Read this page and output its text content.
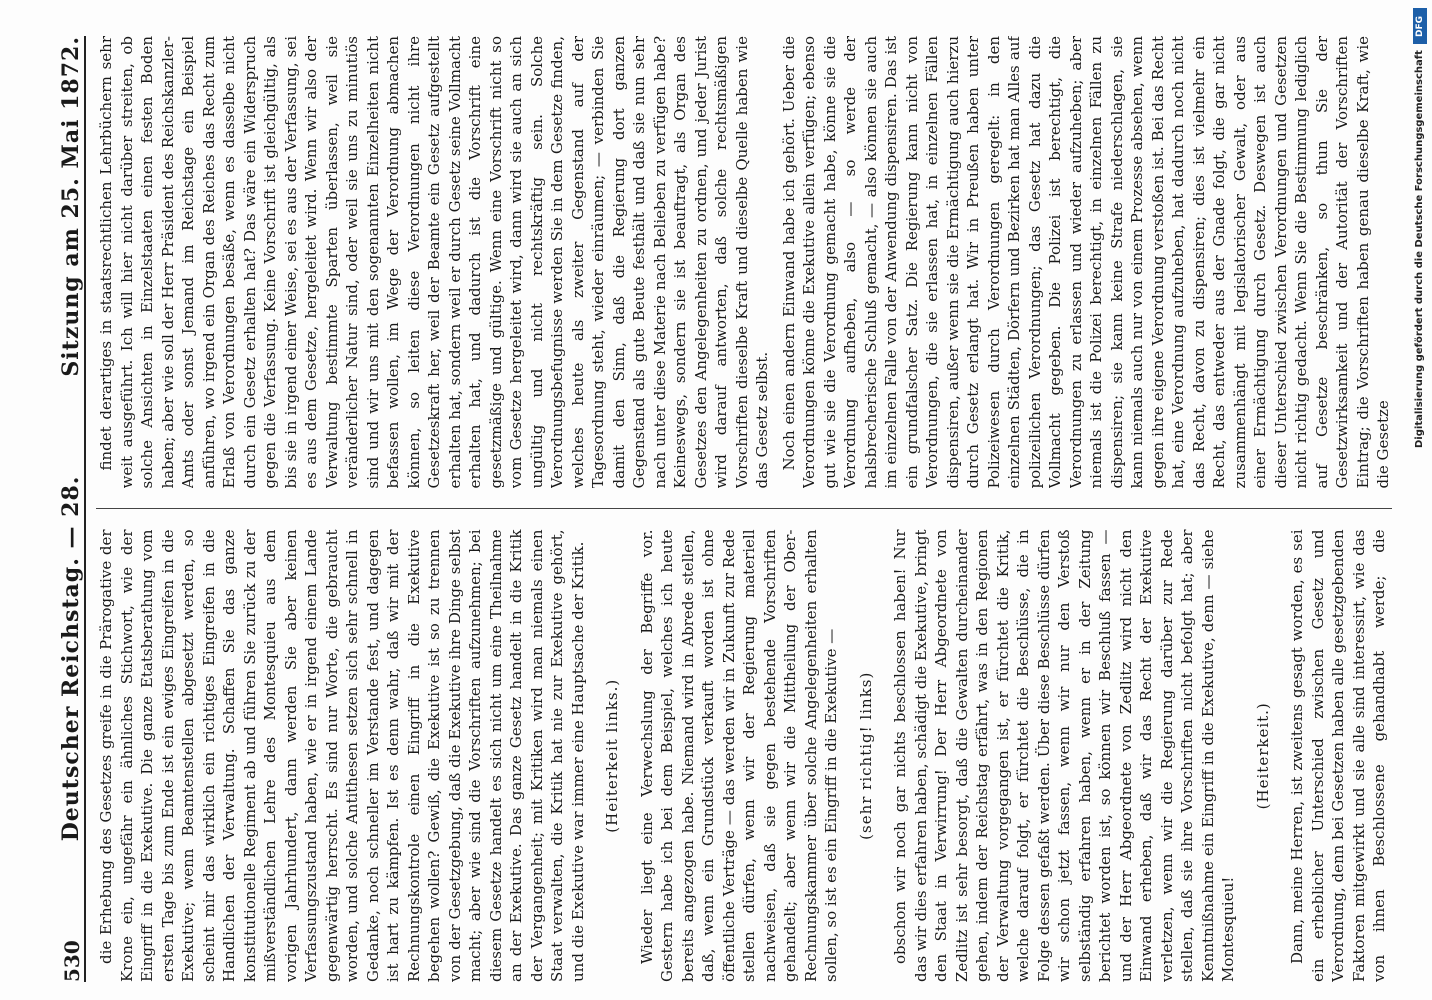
530
Deutscher Reichstag. — 28.
Sitzung am 25. Mai 1872.

die Erhebung des Gesetzes greife in die Prärogative der Krone ein, ungefähr ein ähnliches Stichwort, wie der Eingriff in die Exekutive. Die ganze Etatsberathung vom ersten Tage bis zum Ende ist ein ewiges Eingreifen in die Exekutive; wenn Beamtenstellen abgesetzt werden, so scheint mir das wirklich ein richtiges Eingreifen in die Handlichen der Verwaltung. Schaffen Sie das ganze konstitutionelle Regiment ab und führen Sie zurück zu der mißverständlichen Lehre des Montesquieu aus dem vorigen Jahrhundert, dann werden Sie aber keinen Verfassungszustand haben, wie er in irgend einem Lande gegenwärtig herrscht. Es sind nur Worte, die gebraucht worden, und solche Antithesen setzen sich sehr schnell in Gedanke, noch schneller im Verstande fest, und dagegen ist hart zu kämpfen. Ist es denn wahr, daß wir mit der Rechnungskontrole einen Eingriff in die Exekutive begehen wollen? Gewiß, die Exekutive ist so zu trennen von der Gesetzgebung, daß die Exekutive ihre Dinge selbst macht; aber wie sind die Vorschriften aufzunehmen; bei diesem Gesetze handelt es sich nicht um eine Theilnahme an der Exekutive. Das ganze Gesetz handelt in die Kritik der Vergangenheit; mit Kritiken wird man niemals einen Staat verwalten, die Kritik hat nie zur Exekutive gehört, und die Exekutive war immer eine Hauptsache der Kritik. (Heiterkeit links.) Wieder liegt eine Verwechslung der Begriffe vor. Gestern habe ich bei dem Beispiel, welches ich heute bereits angezogen habe. Niemand wird in Abrede stellen, daß, wenn ein Grundstück verkauft worden ist ohne öffentliche Verträge — das werden wir in Zukunft zur Rede stellen dürfen, wenn wir der Regierung materiell nachweisen, daß sie gegen bestehende Vorschriften gehandelt; aber wenn wir die Mittheilung der Ober-Rechnungskammer über solche Angelegenheiten erhalten sollen, so ist es ein Eingriff in die Exekutive — (sehr richtig! links) obschon wir noch gar nichts beschlossen haben! Nur das wir dies erfahren haben, schädigt die Exekutive, bringt den Staat in Verwirrung! Der Herr Abgeordnete von Zedlitz ist sehr besorgt, daß die Gewalten durcheinander gehen, indem der Reichstag erfährt, was in den Regionen der Verwaltung vorgegangen ist, er fürchtet die Kritik, welche darauf folgt, er fürchtet die Beschlüsse, die in Folge dessen gefaßt werden. Über diese Beschlüsse dürfen wir schon jetzt fassen, wenn wir nur den Verstoß selbständig erfahren haben, wenn er in der Zeitung berichtet worden ist, so können wir Beschluß fassen — und der Herr Abgeordnete von Zedlitz wird nicht den Einwand erheben, daß wir das Recht der Exekutive verletzen, wenn wir die Regierung darüber zur Rede stellen, daß sie ihre Vorschriften nicht befolgt hat; aber Kenntnißnahme ein Eingriff in die Exekutive, denn — siehe Montesquieu!

(Heiterkeit.)

Dann, meine Herren, ist zweitens gesagt worden, es sei ein erheblicher Unterschied zwischen Gesetz und Verordnung, denn bei Gesetzen haben alle gesetzgebenden Faktoren mitgewirkt und sie alle sind interessirt, wie das von ihnen Beschlossene gehandhabt werde; die

findet derartiges in staatsrechtlichen Lehrbüchern sehr weit ausgeführt. Ich will hier nicht darüber streiten, ob solche Ansichten in Einzelstaaten einen festen Boden haben; aber wie soll der Herr Präsident des Reichskanzler-Amts oder sonst Jemand im Reichstage ein Beispiel anführen, wo irgend ein Organ des Reiches das Recht zum Erlaß von Verordnungen besäße, wenn es dasselbe nicht durch ein Gesetz erhalten hat? Das wäre ein Widerspruch gegen die Verfassung. Keine Vorschrift ist gleichgültig, als bis sie in irgend einer Weise, sei es aus der Verfassung, sei es aus dem Gesetze, hergeleitet wird. Wenn wir also der Verwaltung bestimmte Sparten überlassen, weil sie veränderlicher Natur sind, oder weil sie uns zu minutiös sind und wir uns mit den sogenannten Einzelheiten nicht befassen wollen, im Wege der Verordnung abmachen können, so leiten diese Verordnungen nicht ihre Gesetzeskraft her, weil der Beamte ein Gesetz aufgestellt erhalten hat, sondern weil er durch Gesetz seine Vollmacht erhalten hat, und dadurch ist die Vorschrift eine gesetzmäßige und gültige. Wenn eine Vorschrift nicht so vom Gesetze hergeleitet wird, dann wird sie auch an sich ungültig und nicht rechtskräftig sein. Solche Verordnungsbefugnisse werden Sie in dem Gesetze finden, welches heute als zweiter Gegenstand auf der Tagesordnung steht, wieder einräumen; — verbinden Sie damit den Sinn, daß die Regierung dort ganzen Gegenstand als gute Beute festhält und daß sie nun sehr nach unter diese Materie nach Belieben zu verfügen habe? Keineswegs, sondern sie ist beauftragt, als Organ des Gesetzes den Angelegenheiten zu ordnen, und jeder Jurist wird darauf antworten, daß solche rechtsmäßigen Vorschriften dieselbe Kraft und dieselbe Quelle haben wie das Gesetz selbst. Noch einen andern Einwand habe ich gehört. Ueber die Verordnungen könne die Exekutive allein verfügen; ebenso gut wie sie die Verordnung gemacht habe, könne sie die Verordnung aufheben, also — so werde der halsbrecherische Schluß gemacht, — also können sie auch im einzelnen Falle von der Anwendung dispensiren. Das ist ein grundfalscher Satz. Die Regierung kann nicht von Verordnungen, die sie erlassen hat, in einzelnen Fällen dispensiren, außer wenn sie die Ermächtigung auch hierzu durch Gesetz erlangt hat. Wir in Preußen haben unter Polizeiwesen durch Verordnungen geregelt: in den einzelnen Städten, Dörfern und Bezirken hat man Alles auf polizeilichen Verordnungen; das Gesetz hat dazu die Vollmacht gegeben. Die Polizei ist berechtigt, die Verordnungen zu erlassen und wieder aufzuheben; aber niemals ist die Polizei berechtigt, in einzelnen Fällen zu dispensiren; sie kann keine Strafe niederschlagen, sie kann niemals auch nur von einem Prozesse absehen, wenn gegen ihre eigene Verordnung verstoßen ist. Bei das Recht hat, eine Verordnung aufzuheben, hat dadurch noch nicht das Recht, davon zu dispensiren; dies ist vielmehr ein Recht, das entweder aus der Gnade folgt, die gar nicht zusammenhängt mit legislatorischer Gewalt, oder aus einer Ermächtigung durch Gesetz. Deswegen ist auch dieser Unterschied zwischen Verordnungen und Gesetzen nicht richtig gedacht. Wenn Sie die Bestimmung lediglich auf Gesetze beschränken, so thun Sie der Gesetzwirksamkeit und der Autorität der Vorschriften Eintrag; die Vorschriften haben genau dieselbe Kraft, wie die Gesetze

DFG
Digitalisierung gefördert durch die Deutsche Forschungsgemeinschaft
